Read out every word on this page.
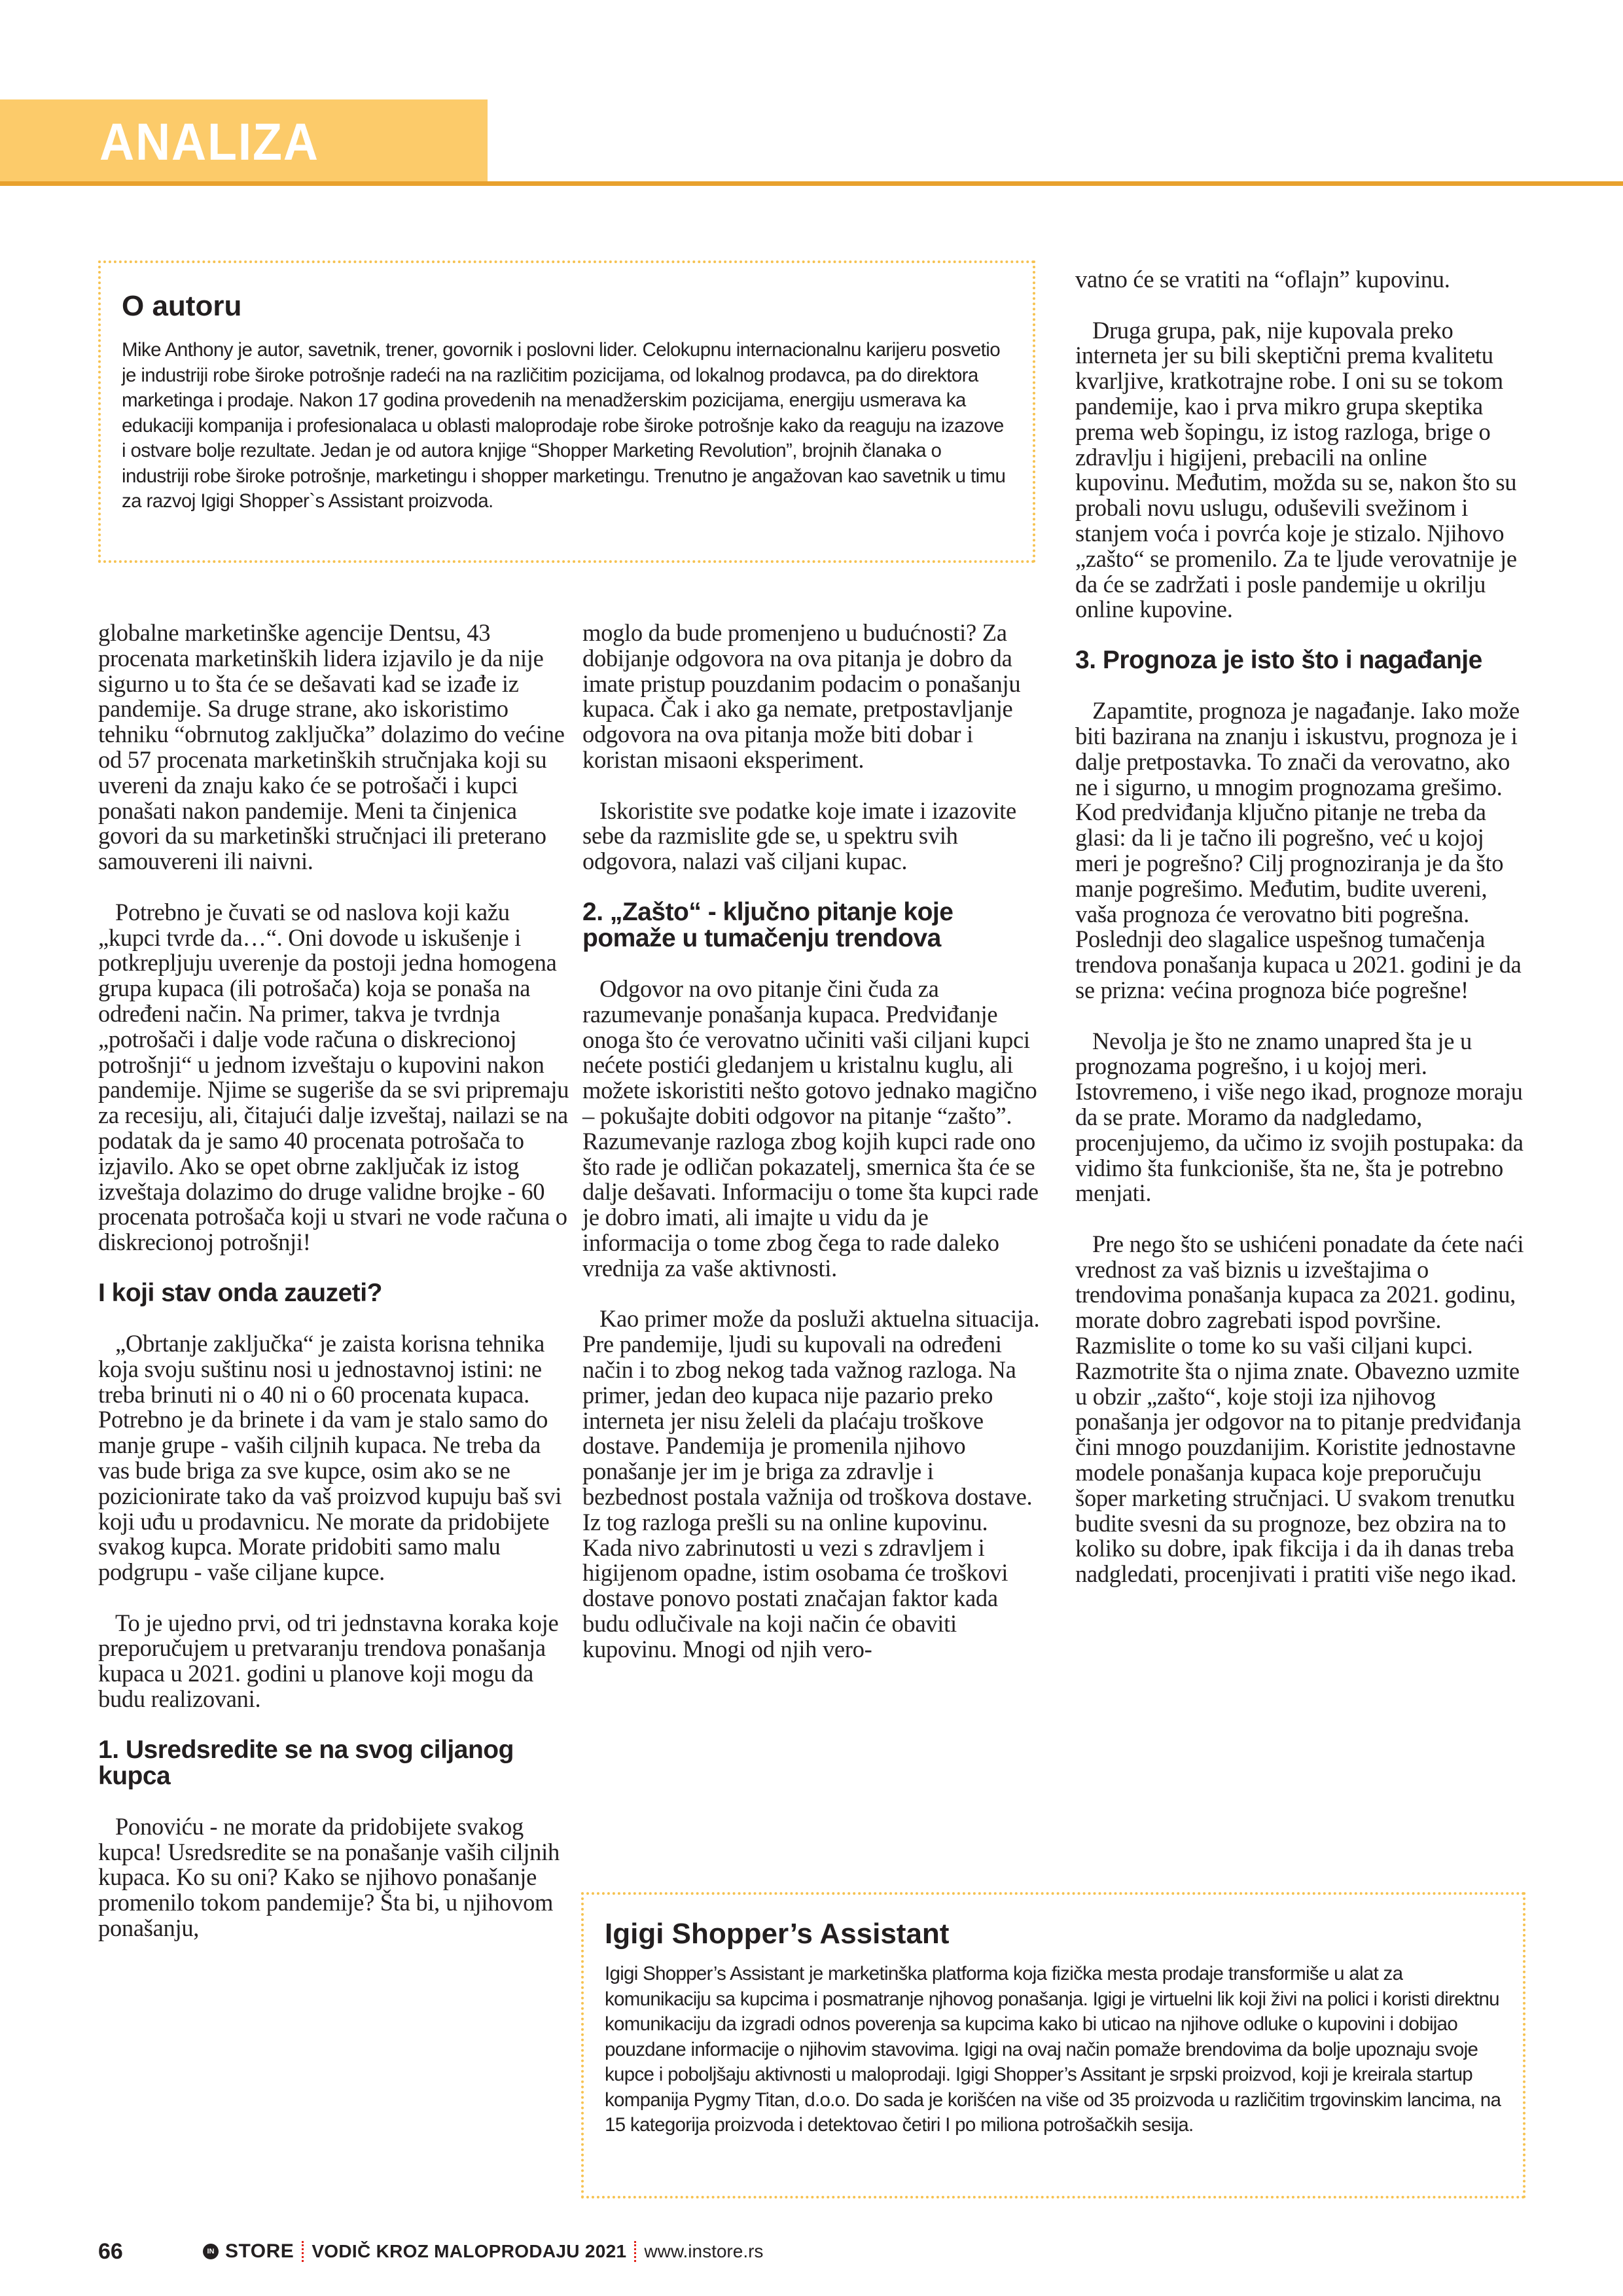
ANALIZA
O autoru
Mike Anthony je autor, savetnik, trener, govornik i poslovni lider. Celokupnu internacionalnu karijeru posvetio je industriji robe široke potrošnje radeći na na različitim pozicijama, od lokalnog prodavca, pa do direktora marketinga i prodaje. Nakon 17 godina provedenih na menadžerskim pozicijama, energiju usmerava ka edukaciji kompanija i profesionalaca u oblasti maloprodaje robe široke potrošnje kako da reaguju na izazove i ostvare bolje rezultate. Jedan je od autora knjige “Shopper Marketing Revolution”, brojnih članaka o industriji robe široke potrošnje, marketingu i shopper marketingu. Trenutno je angažovan kao savetnik u timu za razvoj Igigi Shopper`s Assistant proizvoda.

globalne marketinške agencije Dentsu, 43 procenata marketinških lidera izjavilo je da nije sigurno u to šta će se dešavati kad se izađe iz pandemije. Sa druge strane, ako iskoristimo tehniku “obrnutog zaključka” dolazimo do većine od 57 procenata marketinških stručnjaka koji su uvereni da znaju kako će se potrošači i kupci ponašati nakon pandemije. Meni ta činjenica govori da su marketinški stručnjaci ili preterano samouvereni ili naivni.

Potrebno je čuvati se od naslova koji kažu „kupci tvrde da…“. Oni dovode u iskušenje i potkrepljuju uverenje da postoji jedna homogena grupa kupaca (ili potrošača) koja se ponaša na određeni način. Na primer, takva je tvrdnja „potrošači i dalje vode računa o diskrecionoj potrošnji“ u jednom izveštaju o kupovini nakon pandemije. Njime se sugeriše da se svi pripremaju za recesiju, ali, čitajući dalje izveštaj, nailazi se na podatak da je samo 40 procenata potrošača to izjavilo. Ako se opet obrne zaključak iz istog izveštaja dolazimo do druge validne brojke - 60 procenata potrošača koji u stvari ne vode računa o diskrecionoj potrošnji!

I koji stav onda zauzeti?

„Obrtanje zaključka“ je zaista korisna tehnika koja svoju suštinu nosi u jednostavnoj istini: ne treba brinuti ni o 40 ni o 60 procenata kupaca. Potrebno je da brinete i da vam je stalo samo do manje grupe - vaših ciljnih kupaca. Ne treba da vas bude briga za sve kupce, osim ako se ne pozicionirate tako da vaš proizvod kupuju baš svi koji uđu u prodavnicu. Ne morate da pridobijete svakog kupca. Morate pridobiti samo malu podgrupu - vaše ciljane kupce.

To je ujedno prvi, od tri jednstavna koraka koje preporučujem u pretvaranju trendova ponašanja kupaca u 2021. godini u planove koji mogu da budu realizovani.

1. Usredsredite se na svog ciljanog kupca

Ponoviću - ne morate da pridobijete svakog kupca! Usredsredite se na ponašanje vaših ciljnih kupaca. Ko su oni? Kako se njihovo ponašanje promenilo tokom pandemije? Šta bi, u njihovom ponašanju,

moglo da bude promenjeno u budućnosti? Za dobijanje odgovora na ova pitanja je dobro da imate pristup pouzdanim podacim o ponašanju kupaca. Čak i ako ga nemate, pretpostavljanje odgovora na ova pitanja može biti dobar i koristan misaoni eksperiment.

Iskoristite sve podatke koje imate i izazovite sebe da razmislite gde se, u spektru svih odgovora, nalazi vaš ciljani kupac.

2. „Zašto“ - ključno pitanje koje pomaže u tumačenju trendova

Odgovor na ovo pitanje čini čuda za razumevanje ponašanja kupaca. Predviđanje onoga što će verovatno učiniti vaši ciljani kupci nećete postići gledanjem u kristalnu kuglu, ali možete iskoristiti nešto gotovo jednako magično – pokušajte dobiti odgovor na pitanje “zašto”. Razumevanje razloga zbog kojih kupci rade ono što rade je odličan pokazatelj, smernica šta će se dalje dešavati. Informaciju o tome šta kupci rade je dobro imati, ali imajte u vidu da je informacija o tome zbog čega to rade daleko vrednija za vaše aktivnosti.

Kao primer može da posluži aktuelna situacija. Pre pandemije, ljudi su kupovali na određeni način i to zbog nekog tada važnog razloga. Na primer, jedan deo kupaca nije pazario preko interneta jer nisu želeli da plaćaju troškove dostave. Pandemija je promenila njihovo ponašanje jer im je briga za zdravlje i bezbednost postala važnija od troškova dostave. Iz tog razloga prešli su na online kupovinu. Kada nivo zabrinutosti u vezi s zdravljem i higijenom opadne, istim osobama će troškovi dostave ponovo postati značajan faktor kada budu odlučivale na koji način će obaviti kupovinu. Mnogi od njih vero-

vatno će se vratiti na “oflajn” kupovinu.

Druga grupa, pak, nije kupovala preko interneta jer su bili skeptični prema kvalitetu kvarljive, kratkotrajne robe. I oni su se tokom pandemije, kao i prva mikro grupa skeptika prema web šopingu, iz istog razloga, brige o zdravlju i higijeni, prebacili na online kupovinu. Međutim, možda su se, nakon što su probali novu uslugu, oduševili svežinom i stanjem voća i povrća koje je stizalo. Njihovo „zašto“ se promenilo. Za te ljude verovatnije je da će se zadržati i posle pandemije u okrilju online kupovine.

3. Prognoza je isto što i nagađanje

Zapamtite, prognoza je nagađanje. Iako može biti bazirana na znanju i iskustvu, prognoza je i dalje pretpostavka. To znači da verovatno, ako ne i sigurno, u mnogim prognozama grešimo. Kod predviđanja ključno pitanje ne treba da glasi: da li je tačno ili pogrešno, već u kojoj meri je pogrešno? Cilj prognoziranja je da što manje pogrešimo. Međutim, budite uvereni, vaša prognoza će verovatno biti pogrešna. Poslednji deo slagalice uspešnog tumačenja trendova ponašanja kupaca u 2021. godini je da se prizna: većina prognoza biće pogrešne!

Nevolja je što ne znamo unapred šta je u prognozama pogrešno, i u kojoj meri. Istovremeno, i više nego ikad, prognoze moraju da se prate. Moramo da nadgledamo, procenjujemo, da učimo iz svojih postupaka: da vidimo šta funkcioniše, šta ne, šta je potrebno menjati.

Pre nego što se ushićeni ponadate da ćete naći vrednost za vaš biznis u izveštajima o trendovima ponašanja kupaca za 2021. godinu, morate dobro zagrebati ispod površine. Razmislite o tome ko su vaši ciljani kupci. Razmotrite šta o njima znate. Obavezno uzmite u obzir „zašto“, koje stoji iza njihovog ponašanja jer odgovor na to pitanje predviđanja čini mnogo pouzdanijim. Koristite jednostavne modele ponašanja kupaca koje preporučuju šoper marketing stručnjaci. U svakom trenutku budite svesni da su prognoze, bez obzira na to koliko su dobre, ipak fikcija i da ih danas treba nadgledati, procenjivati i pratiti više nego ikad.

Igigi Shopper’s Assistant
Igigi Shopper’s Assistant je marketinška platforma koja fizička mesta prodaje transformiše u alat za komunikaciju sa kupcima i posmatranje njhovog ponašanja. Igigi je virtuelni lik koji živi na polici i koristi direktnu komunikaciju da izgradi odnos poverenja sa kupcima kako bi uticao na njihove odluke o kupovini i dobijao pouzdane informacije o njihovim stavovima. Igigi na ovaj način pomaže brendovima da bolje upoznaju svoje kupce i poboljšaju aktivnosti u maloprodaji. Igigi Shopper’s Assitant je srpski proizvod, koji je kreirala startup kompanija Pygmy Titan, d.o.o. Do sada je korišćen na više od 35 proizvoda u različitim trgovinskim lancima, na 15 kategorija proizvoda i detektovao četiri I po miliona potrošačkih sesija.
66	IN STORE VODIČ KROZ MALOPRODAJU 2021 www.instore.rs
